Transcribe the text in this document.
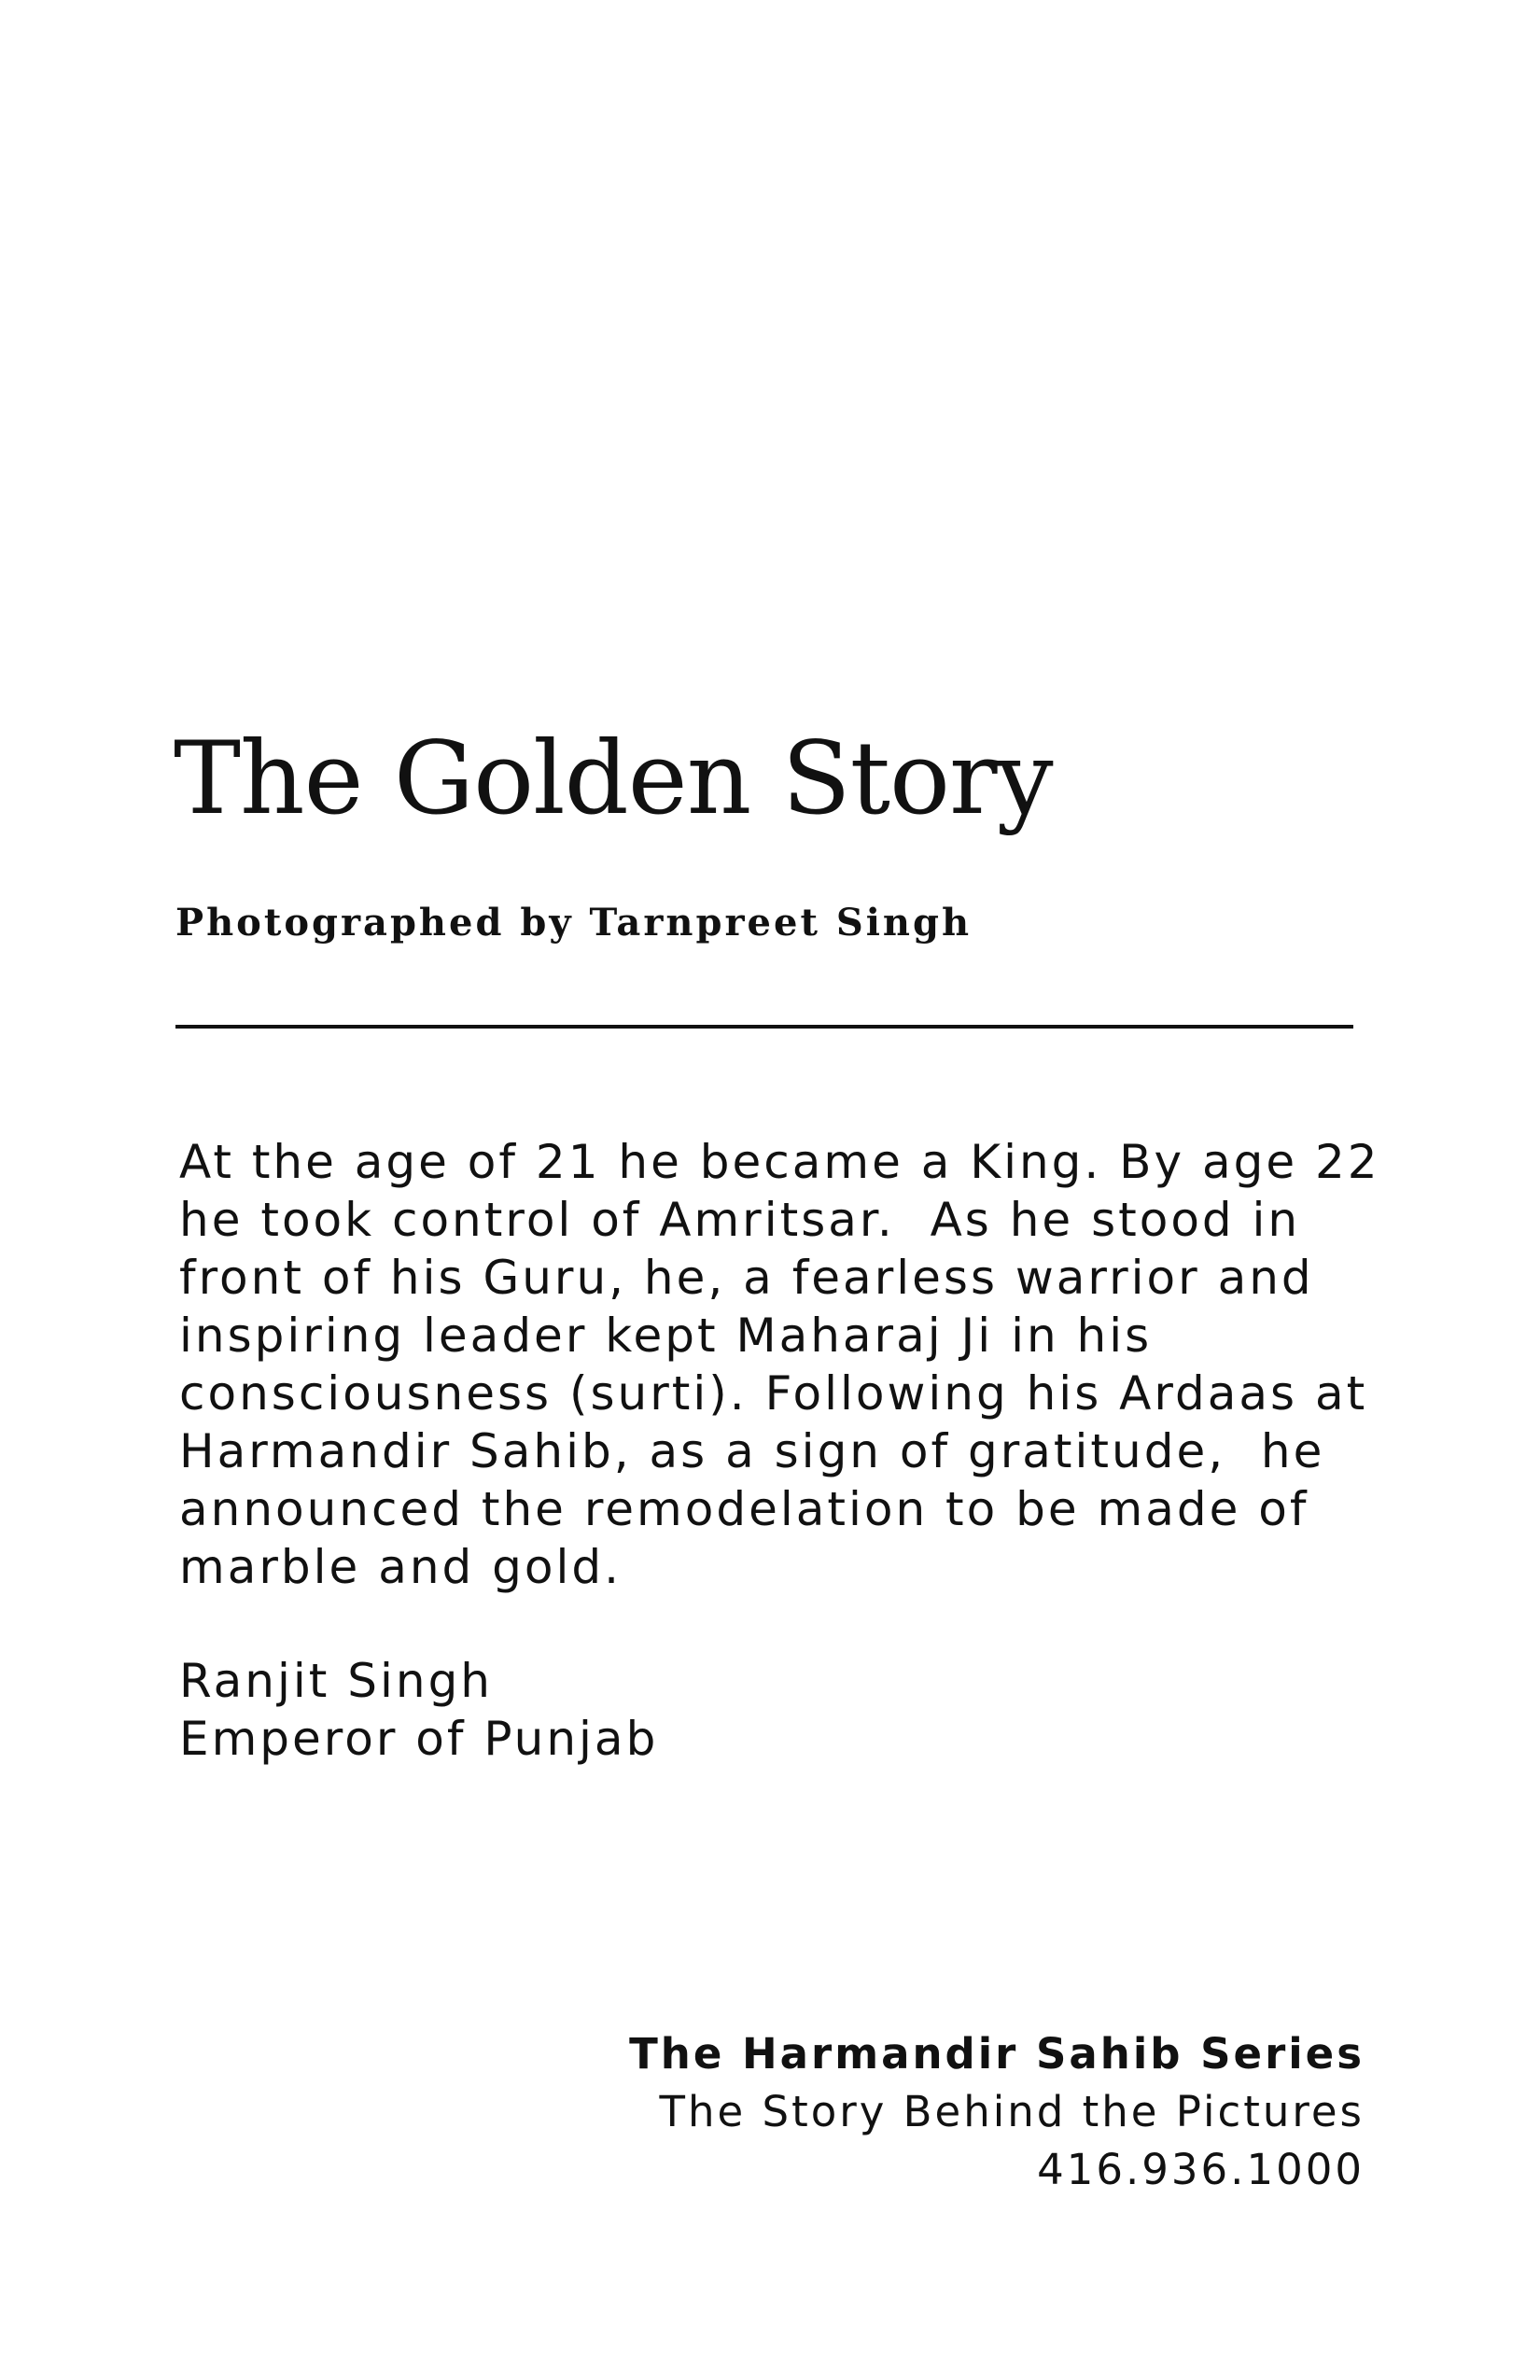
The Golden Story
Photographed by Tarnpreet Singh

At the age of 21 he became a King. By age 22
he took control of Amritsar.  As he stood in
front of his Guru, he, a fearless warrior and
inspiring leader kept Maharaj Ji in his
consciousness (surti). Following his Ardaas at
Harmandir Sahib, as a sign of gratitude,  he
announced the remodelation to be made of
marble and gold.

Ranjit Singh
Emperor of Punjab
The Harmandir Sahib Series
The Story Behind the Pictures
416.936.1000
